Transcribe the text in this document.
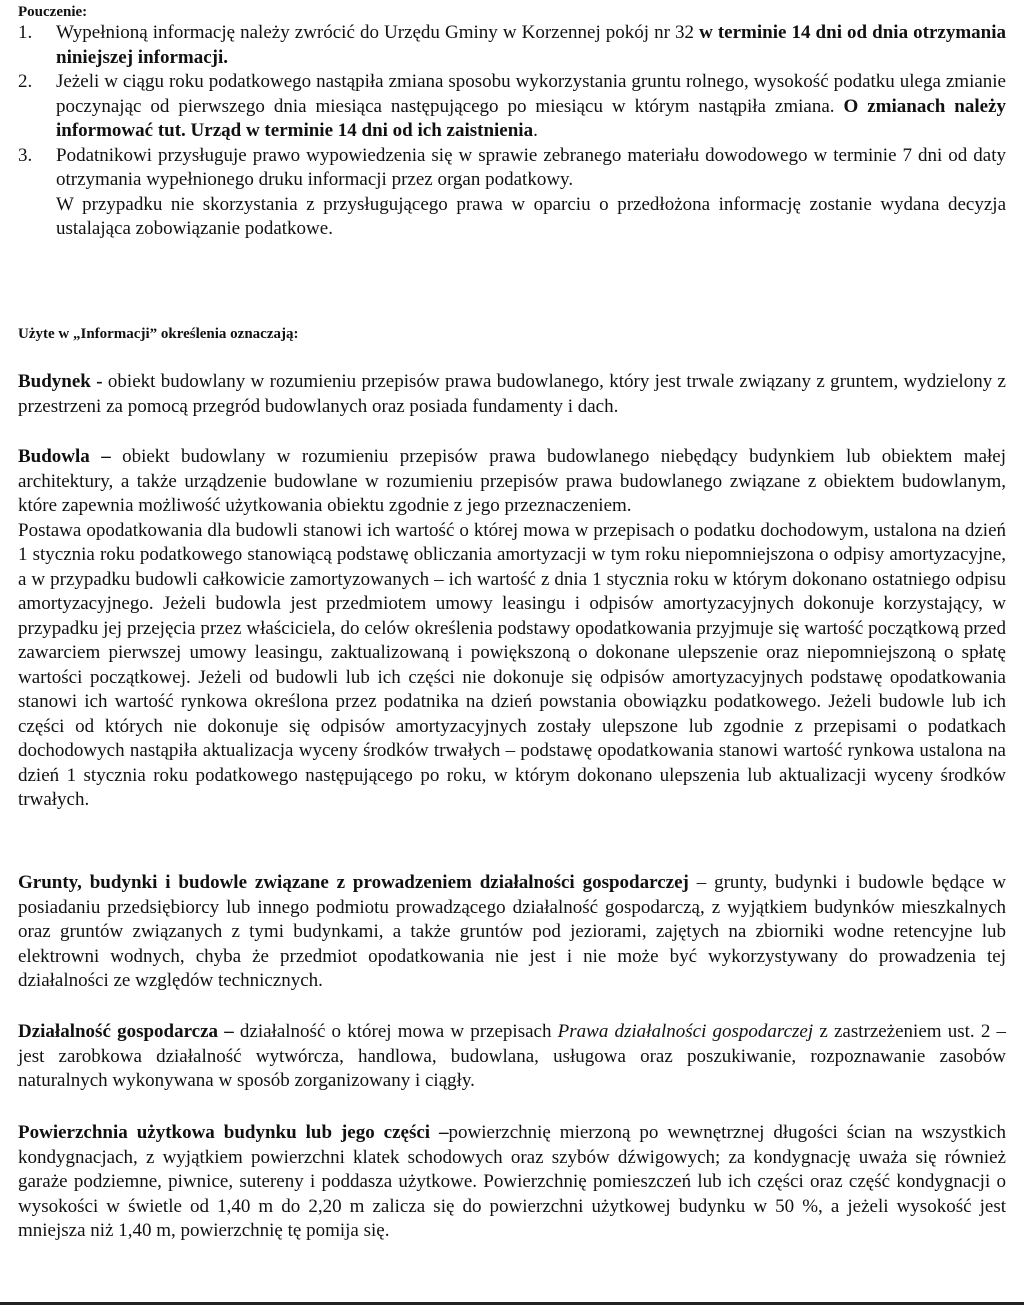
Pouczenie:

1.	Wypełnioną informację należy zwrócić do Urzędu Gminy w Korzennej pokój nr 32 w terminie 14 dni od dnia otrzymania niniejszej informacji.
2.	Jeżeli w ciągu roku podatkowego nastąpiła zmiana sposobu wykorzystania gruntu rolnego, wysokość podatku ulega zmianie poczynając od pierwszego dnia miesiąca następującego po miesiącu w którym nastąpiła zmiana. O zmianach należy informować tut. Urząd w terminie 14 dni od ich zaistnienia.
3.	Podatnikowi przysługuje prawo wypowiedzenia się w sprawie zebranego materiału dowodowego w terminie 7 dni od daty otrzymania wypełnionego druku informacji przez organ podatkowy.

W przypadku nie skorzystania z przysługującego prawa w oparciu o przedłożona informację zostanie wydana decyzja ustalająca zobowiązanie podatkowe.

Użyte w „Informacji” określenia oznaczają:

Budynek - obiekt budowlany w rozumieniu przepisów prawa budowlanego, który jest trwale związany z gruntem, wydzielony z przestrzeni za pomocą przegród budowlanych oraz posiada fundamenty i dach.

Budowla – obiekt budowlany w rozumieniu przepisów prawa budowlanego niebędący budynkiem lub obiektem małej architektury, a także urządzenie budowlane w rozumieniu przepisów prawa budowlanego związane z obiektem budowlanym, które zapewnia możliwość użytkowania obiektu zgodnie z jego przeznaczeniem.

Postawa opodatkowania dla budowli stanowi ich wartość o której mowa w przepisach o podatku dochodowym, ustalona na dzień 1 stycznia roku podatkowego stanowiącą podstawę obliczania amortyzacji w tym roku niepomniejszona o odpisy amortyzacyjne, a w przypadku budowli całkowicie zamortyzowanych – ich wartość z dnia 1 stycznia roku w którym dokonano ostatniego odpisu amortyzacyjnego. Jeżeli budowla jest przedmiotem umowy leasingu i odpisów amortyzacyjnych dokonuje korzystający, w przypadku jej przejęcia przez właściciela, do celów określenia podstawy opodatkowania przyjmuje się wartość początkową przed zawarciem pierwszej umowy leasingu, zaktualizowaną i powiększoną o dokonane ulepszenie oraz niepomniejszoną o spłatę wartości początkowej. Jeżeli od budowli lub ich części nie dokonuje się odpisów amortyzacyjnych podstawę opodatkowania stanowi ich wartość rynkowa określona przez podatnika na dzień powstania obowiązku podatkowego. Jeżeli budowle lub ich części od których nie dokonuje się odpisów amortyzacyjnych zostały ulepszone lub zgodnie z przepisami o podatkach dochodowych nastąpiła aktualizacja wyceny środków trwałych – podstawę opodatkowania stanowi wartość rynkowa ustalona na dzień 1 stycznia roku podatkowego następującego po roku, w którym dokonano ulepszenia lub aktualizacji wyceny środków trwałych.

Grunty, budynki i budowle związane z prowadzeniem działalności gospodarczej – grunty, budynki i budowle będące w posiadaniu przedsiębiorcy lub innego podmiotu prowadzącego działalność gospodarczą, z wyjątkiem budynków mieszkalnych oraz gruntów związanych z tymi budynkami, a także gruntów pod jeziorami, zajętych na zbiorniki wodne retencyjne lub elektrowni wodnych, chyba że przedmiot opodatkowania nie jest i nie może być wykorzystywany do prowadzenia tej działalności ze względów technicznych.
Działalność gospodarcza – działalność o której mowa w przepisach Prawa działalności gospodarczej z zastrzeżeniem ust. 2 – jest zarobkowa działalność wytwórcza, handlowa, budowlana, usługowa oraz poszukiwanie, rozpoznawanie zasobów naturalnych wykonywana w sposób zorganizowany i ciągły.
Powierzchnia użytkowa budynku lub jego części –powierzchnię mierzoną po wewnętrznej długości ścian na wszystkich kondygnacjach, z wyjątkiem powierzchni klatek schodowych oraz szybów dźwigowych; za kondygnację uważa się również garaże podziemne, piwnice, sutereny i poddasza użytkowe. Powierzchnię pomieszczeń lub ich części oraz część kondygnacji o wysokości w świetle od 1,40 m do 2,20 m zalicza się do powierzchni użytkowej budynku w 50 %, a jeżeli wysokość jest mniejsza niż 1,40 m, powierzchnię tę pomija się.
